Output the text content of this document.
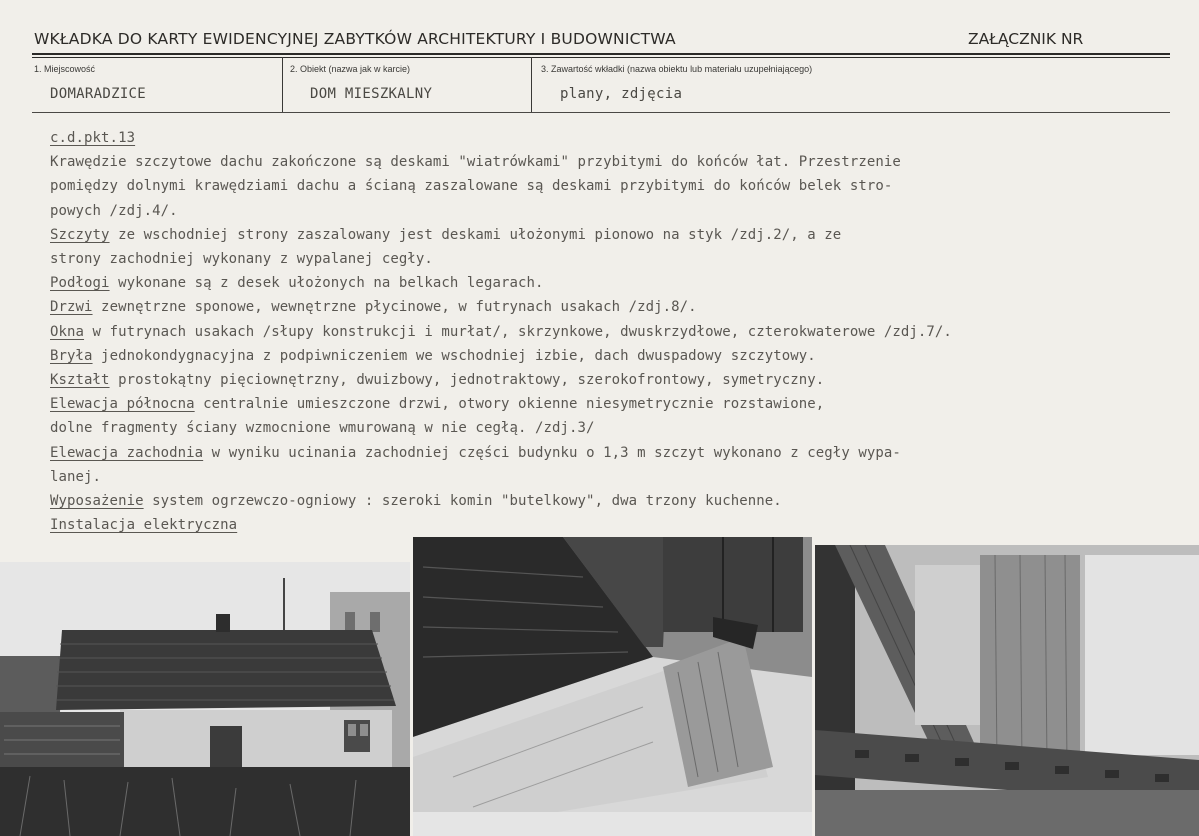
WKŁADKA DO KARTY EWIDENCYJNEJ ZABYTKÓW ARCHITEKTURY I BUDOWNICTWA	ZAŁĄCZNIK NR
1. Miejscowość
DOMARADZICE
2. Obiekt (nazwa jak w karcie)
DOM MIESZKALNY
3. Zawartość wkładki (nazwa obiektu lub materiału uzupełniającego)
plany, zdjęcia

c.d.pkt.13

Krawędzie szczytowe dachu zakończone są deskami "wiatrówkami" przybitymi do końców łat. Przestrzenie

pomiędzy dolnymi krawędziami dachu a ścianą zaszalowane są deskami przybitymi do końców belek stro-

powych /zdj.4/.

Szczyty ze wschodniej strony zaszalowany jest deskami ułożonymi pionowo na styk /zdj.2/, a ze

strony zachodniej wykonany z wypalanej cegły.

Podłogi wykonane są z desek ułożonych na belkach legarach.

Drzwi zewnętrzne sponowe, wewnętrzne płycinowe, w futrynach usakach /zdj.8/.

Okna w futrynach usakach /słupy konstrukcji i murłat/, skrzynkowe, dwuskrzydłowe, czterokwaterowe /zdj.7/.

Bryła jednokondygnacyjna z podpiwniczeniem we wschodniej izbie, dach dwuspadowy szczytowy.

Kształt prostokątny pięciownętrzny, dwuizbowy, jednotraktowy, szerokofrontowy, symetryczny.

Elewacja północna centralnie umieszczone drzwi, otwory okienne niesymetrycznie rozstawione,

dolne fragmenty ściany wzmocnione wmurowaną w nie cegłą. /zdj.3/

Elewacja zachodnia w wyniku ucinania zachodniej części budynku o 1,3 m szczyt wykonano z cegły wypa-

lanej.

Wyposażenie system ogrzewczo-ogniowy : szeroki komin "butelkowy", dwa trzony kuchenne.

Instalacja elektryczna
